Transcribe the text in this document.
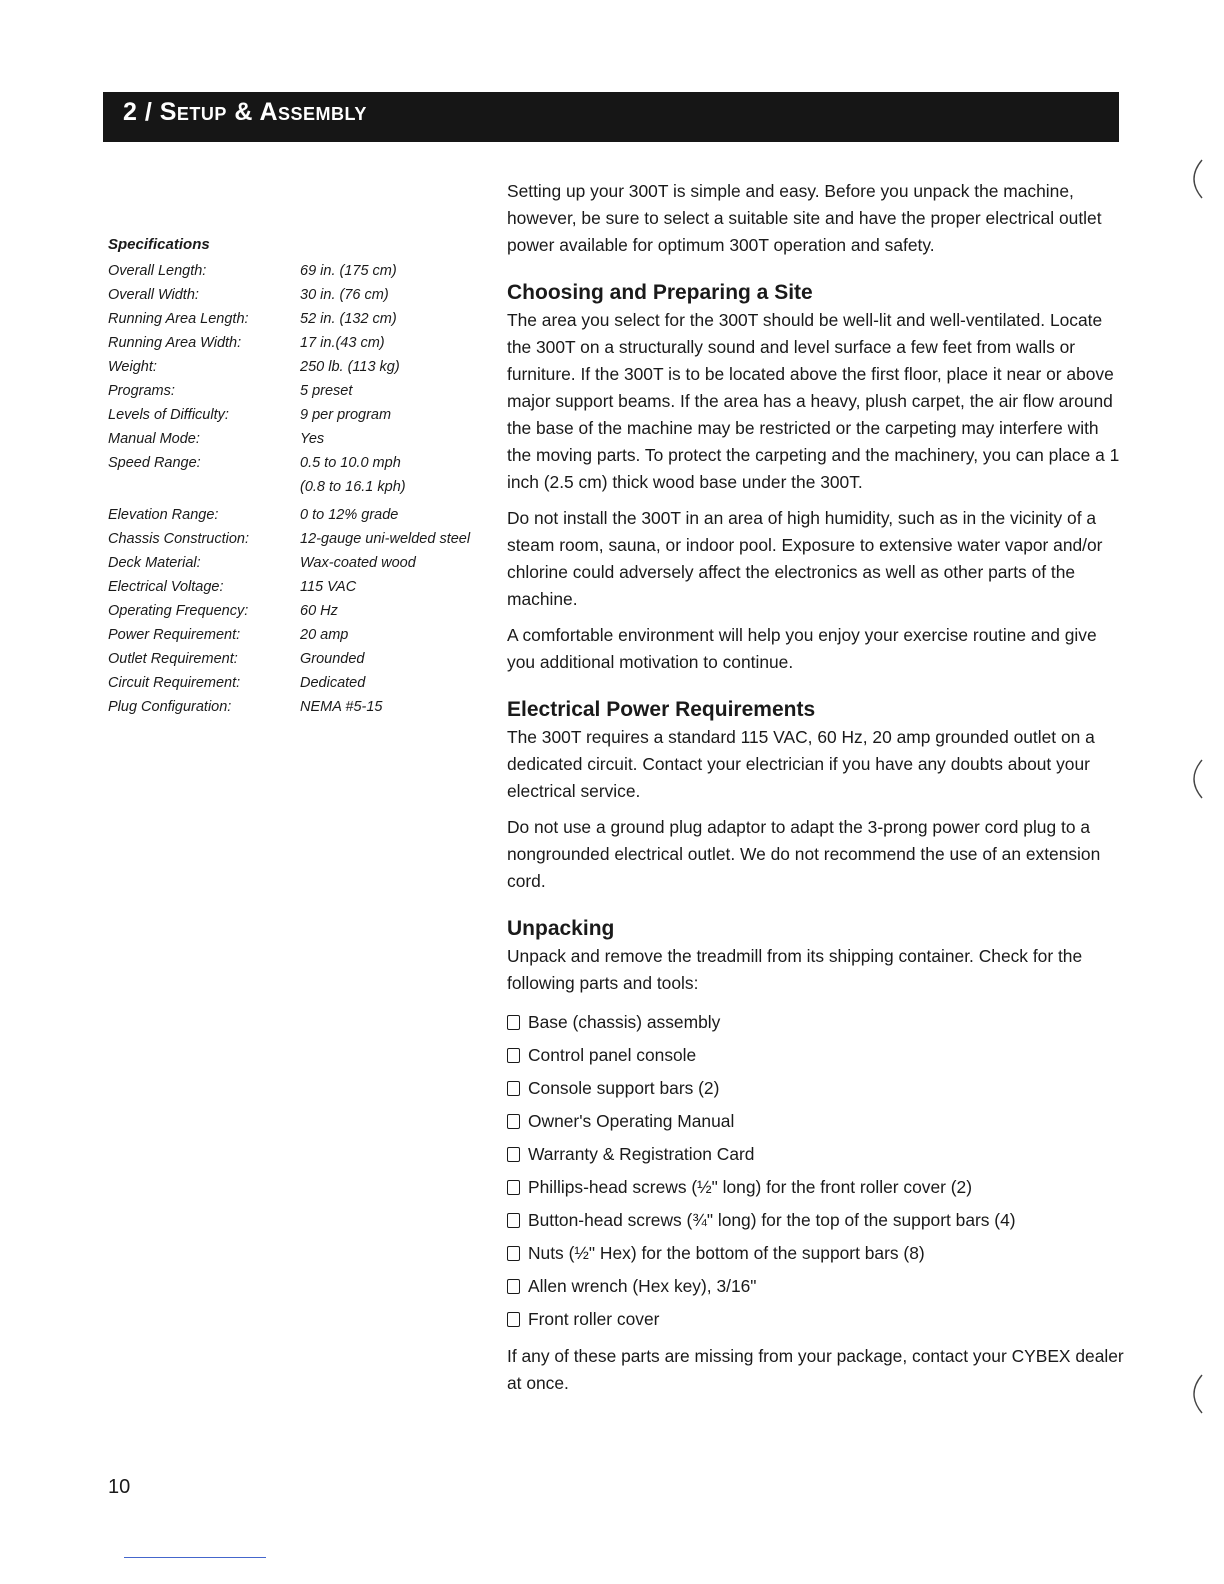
2 / Setup & Assembly
Specifications
Overall Length:	69 in. (175 cm)
Overall Width:	30 in. (76 cm)
Running Area Length:	52 in. (132 cm)
Running Area Width:	17 in.(43 cm)
Weight:	250 lb. (113 kg)
Programs:	5 preset
Levels of Difficulty:	9 per program
Manual Mode:	Yes
Speed Range:	0.5 to 10.0 mph
(0.8 to 16.1 kph)
Elevation Range:	0 to 12% grade
Chassis Construction:	12-gauge uni-welded steel
Deck Material:	Wax-coated wood
Electrical Voltage:	115 VAC
Operating Frequency:	60 Hz
Power Requirement:	20 amp
Outlet Requirement:	Grounded
Circuit Requirement:	Dedicated
Plug Configuration:	NEMA #5-15

Setting up your 300T is simple and easy. Before you unpack the machine, however, be sure to select a suitable site and have the proper electrical outlet power available for optimum 300T operation and safety.

Choosing and Preparing a Site

The area you select for the 300T should be well-lit and well-ventilated. Locate the 300T on a structurally sound and level surface a few feet from walls or furniture. If the 300T is to be located above the first floor, place it near or above major support beams. If the area has a heavy, plush carpet, the air flow around the base of the machine may be restricted or the carpeting may interfere with the moving parts. To protect the carpeting and the machinery, you can place a 1 inch (2.5 cm) thick wood base under the 300T.

Do not install the 300T in an area of high humidity, such as in the vicinity of a steam room, sauna, or indoor pool. Exposure to extensive water vapor and/or chlorine could adversely affect the electronics as well as other parts of the machine.

A comfortable environment will help you enjoy your exercise routine and give you additional motivation to continue.

Electrical Power Requirements

The 300T requires a standard 115 VAC, 60 Hz, 20 amp grounded outlet on a dedicated circuit. Contact your electrician if you have any doubts about your electrical service.

Do not use a ground plug adaptor to adapt the 3-prong power cord plug to a nongrounded electrical outlet. We do not recommend the use of an extension cord.

Unpacking

Unpack and remove the treadmill from its shipping container. Check for the following parts and tools:

Base (chassis) assembly
Control panel console
Console support bars (2)
Owner's Operating Manual
Warranty & Registration Card
Phillips-head screws (½" long) for the front roller cover (2)
Button-head screws (¾" long) for the top of the support bars (4)
Nuts (½" Hex) for the bottom of the support bars (8)
Allen wrench (Hex key), 3/16"
Front roller cover

If any of these parts are missing from your package, contact your CYBEX dealer at once.

10
